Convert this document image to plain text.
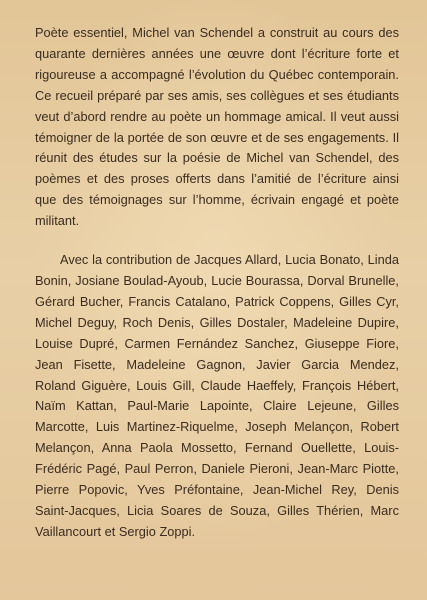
Poète essentiel, Michel van Schendel a construit au cours des quarante dernières années une œuvre dont l’écriture forte et rigoureuse a accompagné l’évolution du Québec contemporain. Ce recueil préparé par ses amis, ses collègues et ses étudiants veut d’abord rendre au poète un hommage amical. Il veut aussi témoigner de la portée de son œuvre et de ses engagements. Il réunit des études sur la poésie de Michel van Schendel, des poèmes et des proses offerts dans l’amitié de l’écriture ainsi que des témoignages sur l’homme, écrivain engagé et poète militant.

Avec la contribution de Jacques Allard, Lucia Bonato, Linda Bonin, Josiane Boulad-Ayoub, Lucie Bourassa, Dorval Brunelle, Gérard Bucher, Francis Catalano, Patrick Coppens, Gilles Cyr, Michel Deguy, Roch Denis, Gilles Dostaler, Madeleine Dupire, Louise Dupré, Carmen Fernández Sanchez, Giuseppe Fiore, Jean Fisette, Madeleine Gagnon, Javier Garcia Mendez, Roland Giguère, Louis Gill, Claude Haeffely, François Hébert, Naïm Kattan, Paul-Marie Lapointe, Claire Lejeune, Gilles Marcotte, Luis Martinez-Riquelme, Joseph Melançon, Robert Melançon, Anna Paola Mossetto, Fernand Ouellette, Louis-Frédéric Pagé, Paul Perron, Daniele Pieroni, Jean-Marc Piotte, Pierre Popovic, Yves Préfontaine, Jean-Michel Rey, Denis Saint-Jacques, Licia Soares de Souza, Gilles Thérien, Marc Vaillancourt et Sergio Zoppi.
